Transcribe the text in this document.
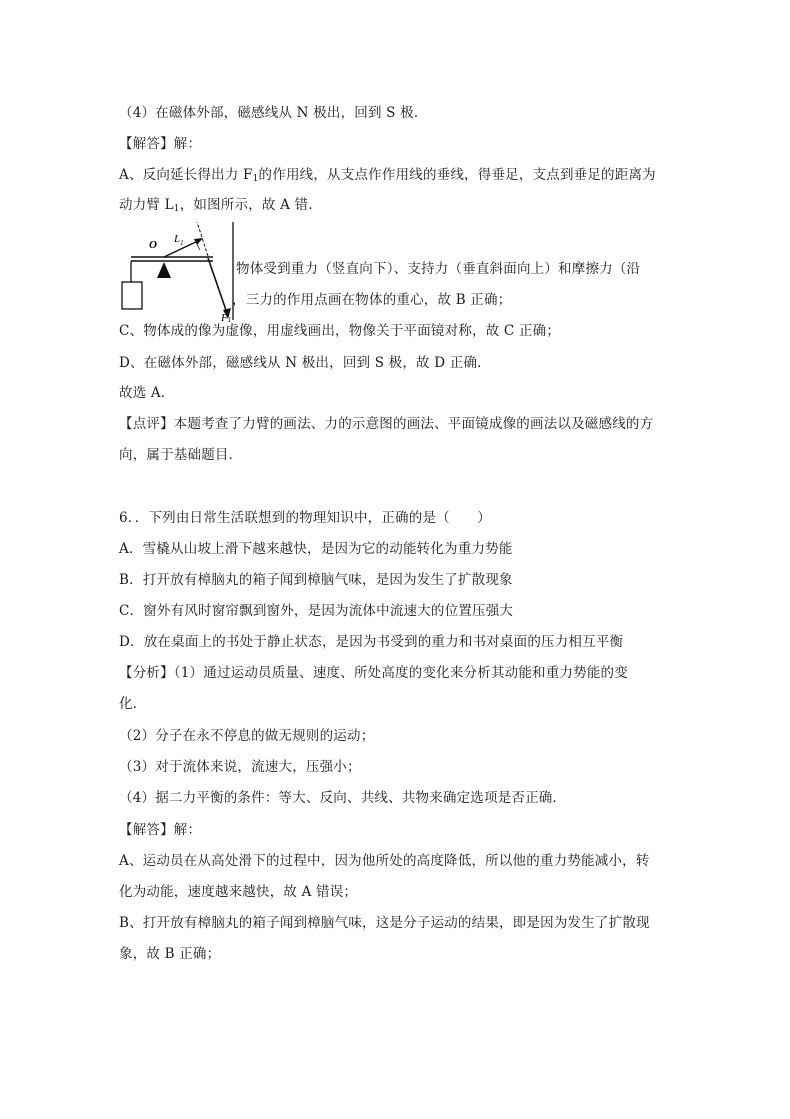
（4）在磁体外部，磁感线从 N 极出，回到 S 极．
【解答】解：
A、反向延长得出力 $F_1$的作用线，从支点作作用线的垂线，得垂足，支点到垂足的距离为
动力臂 $L_1$，如图所示，故 A 错．
O $L_1$
F1
物体受到重力（竖直向下）、支持力（垂直斜面向上）和摩擦力（沿
，三力的作用点画在物体的重心，故 B 正确；
C、物体成的像为虚像，用虚线画出，物像关于平面镜对称，故 C 正确；
D、在磁体外部，磁感线从 N 极出，回到 S 极，故 D 正确．
故选 A．
【点评】本题考查了力臂的画法、力的示意图的画法、平面镜成像的画法以及磁感线的方
向，属于基础题目．
6．．下列由日常生活联想到的物理知识中，正确的是（　　）
A．雪橇从山坡上滑下越来越快，是因为它的动能转化为重力势能
B．打开放有樟脑丸的箱子闻到樟脑气味，是因为发生了扩散现象
C．窗外有风时窗帘飘到窗外，是因为流体中流速大的位置压强大
D．放在桌面上的书处于静止状态，是因为书受到的重力和书对桌面的压力相互平衡
【分析】（1）通过运动员质量、速度、所处高度的变化来分析其动能和重力势能的变
化．
（2）分子在永不停息的做无规则的运动；
（3）对于流体来说，流速大，压强小；
（4）据二力平衡的条件：等大、反向、共线、共物来确定选项是否正确．
【解答】解：
A、运动员在从高处滑下的过程中，因为他所处的高度降低，所以他的重力势能减小，转
化为动能，速度越来越快，故 A 错误；
B、打开放有樟脑丸的箱子闻到樟脑气味，这是分子运动的结果，即是因为发生了扩散现
象，故 B 正确；
